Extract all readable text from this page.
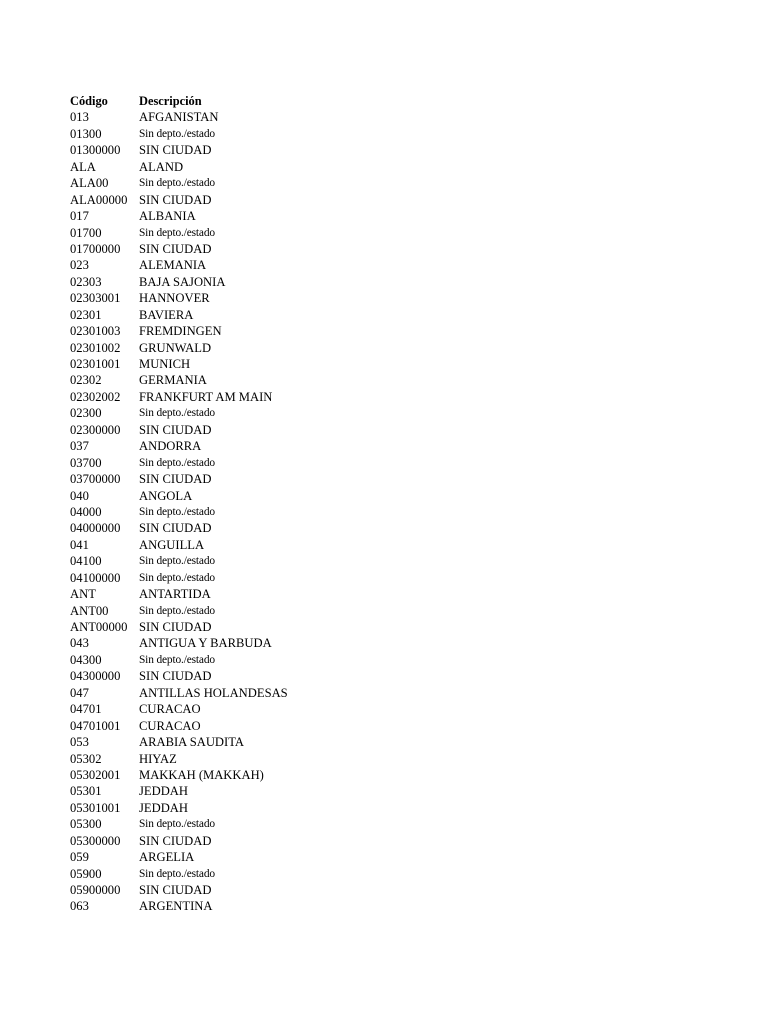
Código	Descripción
013	AFGANISTAN
01300	Sin depto./estado
01300000	SIN CIUDAD
ALA	ALAND
ALA00	Sin depto./estado
ALA00000 SIN CIUDAD
017	ALBANIA
01700	Sin depto./estado
01700000	SIN CIUDAD
023	ALEMANIA
02303	BAJA SAJONIA
02303001	HANNOVER
02301	BAVIERA
02301003	FREMDINGEN
02301002	GRUNWALD
02301001	MUNICH
02302	GERMANIA
02302002	FRANKFURT AM MAIN
02300	Sin depto./estado
02300000	SIN CIUDAD
037	ANDORRA
03700	Sin depto./estado
03700000	SIN CIUDAD
040	ANGOLA
04000	Sin depto./estado
04000000	SIN CIUDAD
041	ANGUILLA
04100	Sin depto./estado
04100000	Sin depto./estado
ANT	ANTARTIDA
ANT00	Sin depto./estado
ANT00000 SIN CIUDAD
043	ANTIGUA Y BARBUDA
04300	Sin depto./estado
04300000	SIN CIUDAD
047	ANTILLAS HOLANDESAS
04701	CURACAO
04701001	CURACAO
053	ARABIA SAUDITA
05302	HIYAZ
05302001	MAKKAH (MAKKAH)
05301	JEDDAH
05301001	JEDDAH
05300	Sin depto./estado
05300000	SIN CIUDAD
059	ARGELIA
05900	Sin depto./estado
05900000	SIN CIUDAD
063	ARGENTINA
